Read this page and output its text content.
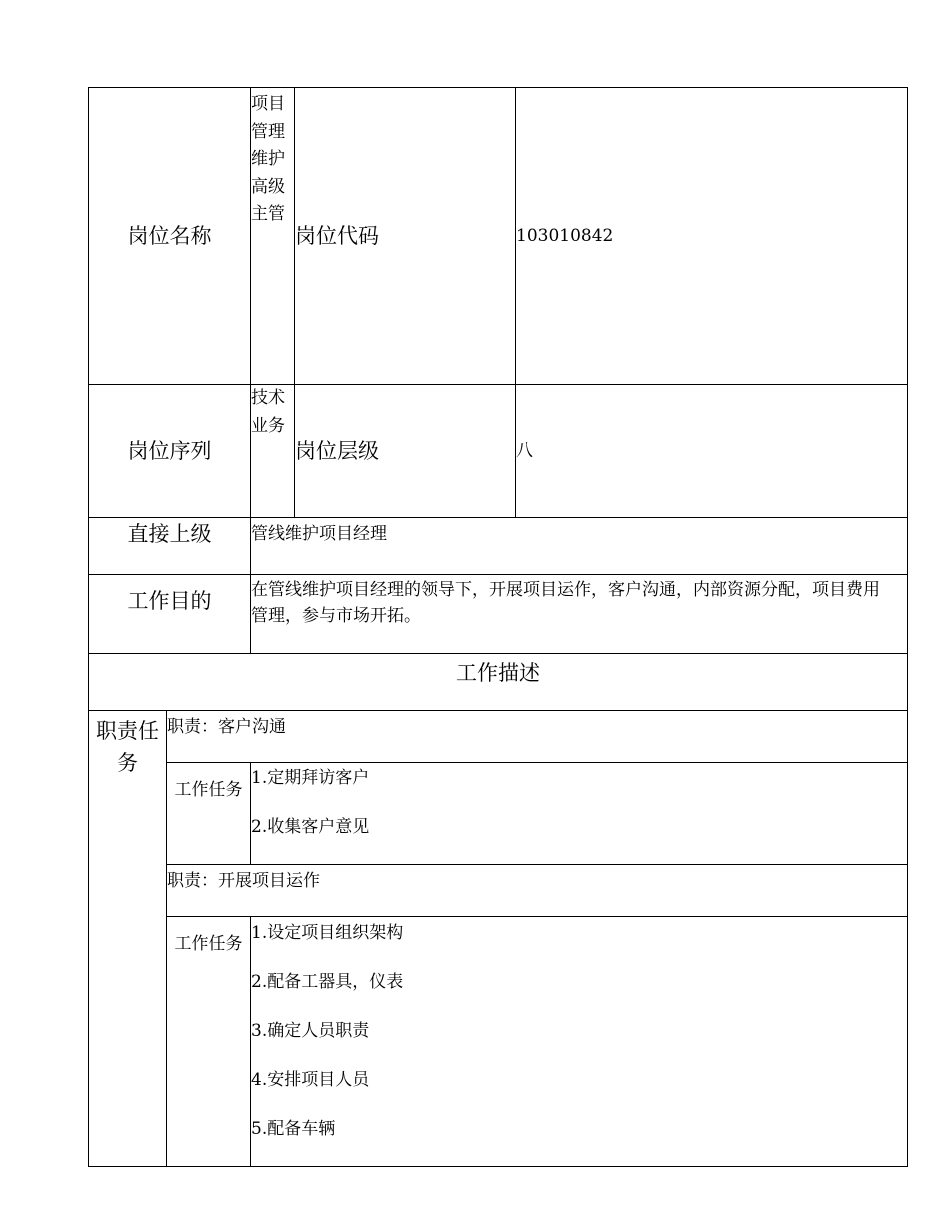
岗位名称		项目管理维护高级主管	岗位代码	103010842
岗位序列		技术业务	岗位层级	八
直接上级		管线维护项目经理		
工作目的		在管线维护项目经理的领导下，开展项目运作，客户沟通，内部资源分配，项目费用管理，参与市场开拓。		
工作描述				
职责任务	职责：客户沟通			
	工作任务	1.定期拜访客户
2.收集客户意见		

	职责：开展项目运作			
	工作任务	1.设定项目组织架构
2.配备工器具，仪表
3.确定人员职责
4.安排项目人员
5.配备车辆		
